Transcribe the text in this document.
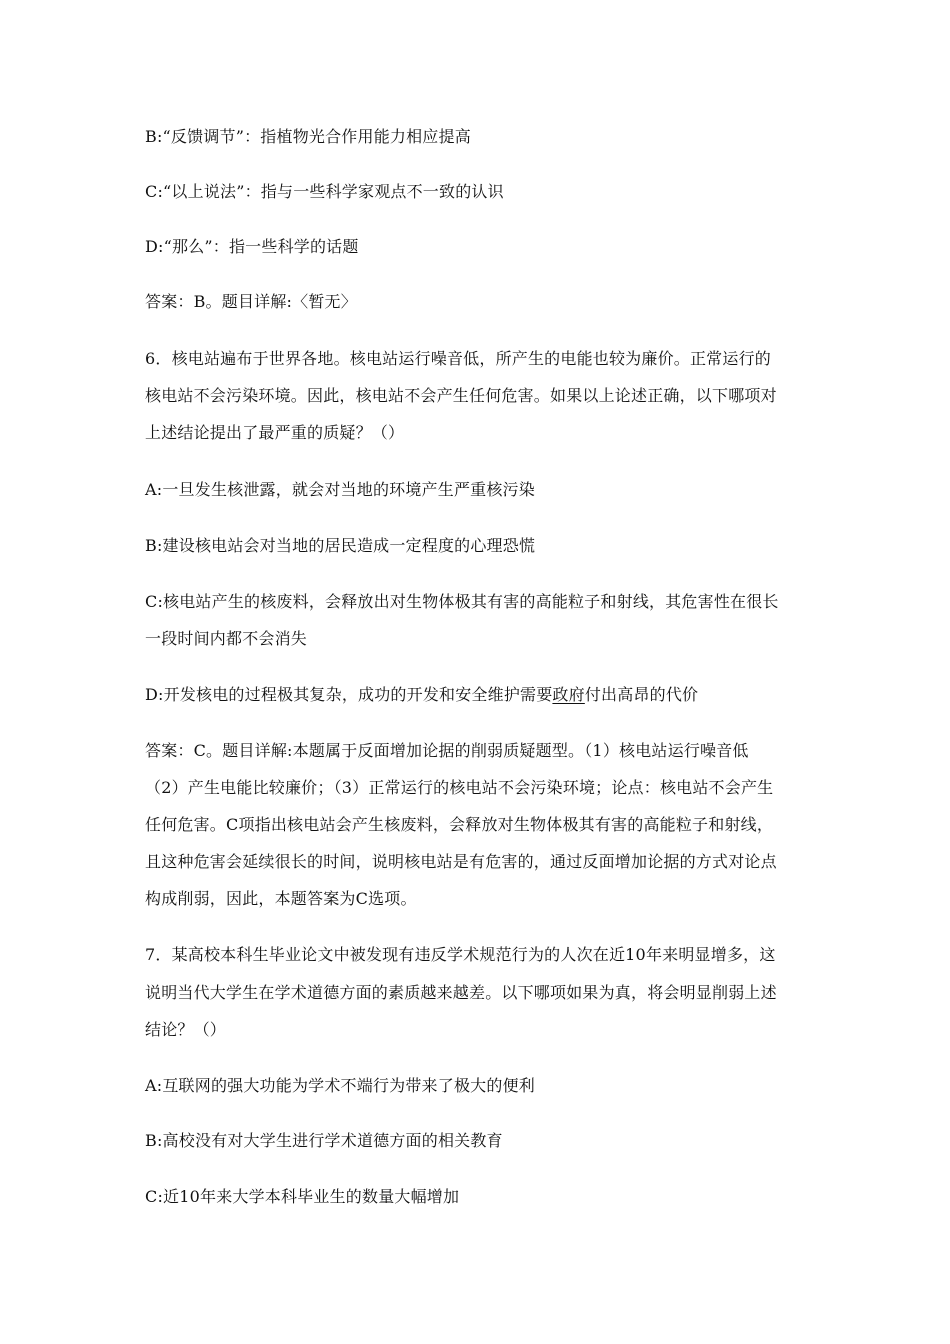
B:“反馈调节”：指植物光合作用能力相应提高
C:“以上说法”：指与一些科学家观点不一致的认识
D:“那么”：指一些科学的话题
答案：B。题目详解:〈暂无〉
6．核电站遍布于世界各地。核电站运行噪音低，所产生的电能也较为廉价。正常运行的
核电站不会污染环境。因此，核电站不会产生任何危害。如果以上论述正确，以下哪项对
上述结论提出了最严重的质疑？（）
A:一旦发生核泄露，就会对当地的环境产生严重核污染
B:建设核电站会对当地的居民造成一定程度的心理恐慌
C:核电站产生的核废料，会释放出对生物体极其有害的高能粒子和射线，其危害性在很长
一段时间内都不会消失
D:开发核电的过程极其复杂，成功的开发和安全维护需要政府付出高昂的代价
答案：C。题目详解:本题属于反面增加论据的削弱质疑题型。（1）核电站运行噪音低
（2）产生电能比较廉价；（3）正常运行的核电站不会污染环境；论点：核电站不会产生
任何危害。C项指出核电站会产生核废料，会释放对生物体极其有害的高能粒子和射线，
且这种危害会延续很长的时间，说明核电站是有危害的，通过反面增加论据的方式对论点
构成削弱，因此，本题答案为C选项。
7．某高校本科生毕业论文中被发现有违反学术规范行为的人次在近10年来明显增多，这
说明当代大学生在学术道德方面的素质越来越差。以下哪项如果为真，将会明显削弱上述
结论？（）
A:互联网的强大功能为学术不端行为带来了极大的便利
B:高校没有对大学生进行学术道德方面的相关教育
C:近10年来大学本科毕业生的数量大幅增加
